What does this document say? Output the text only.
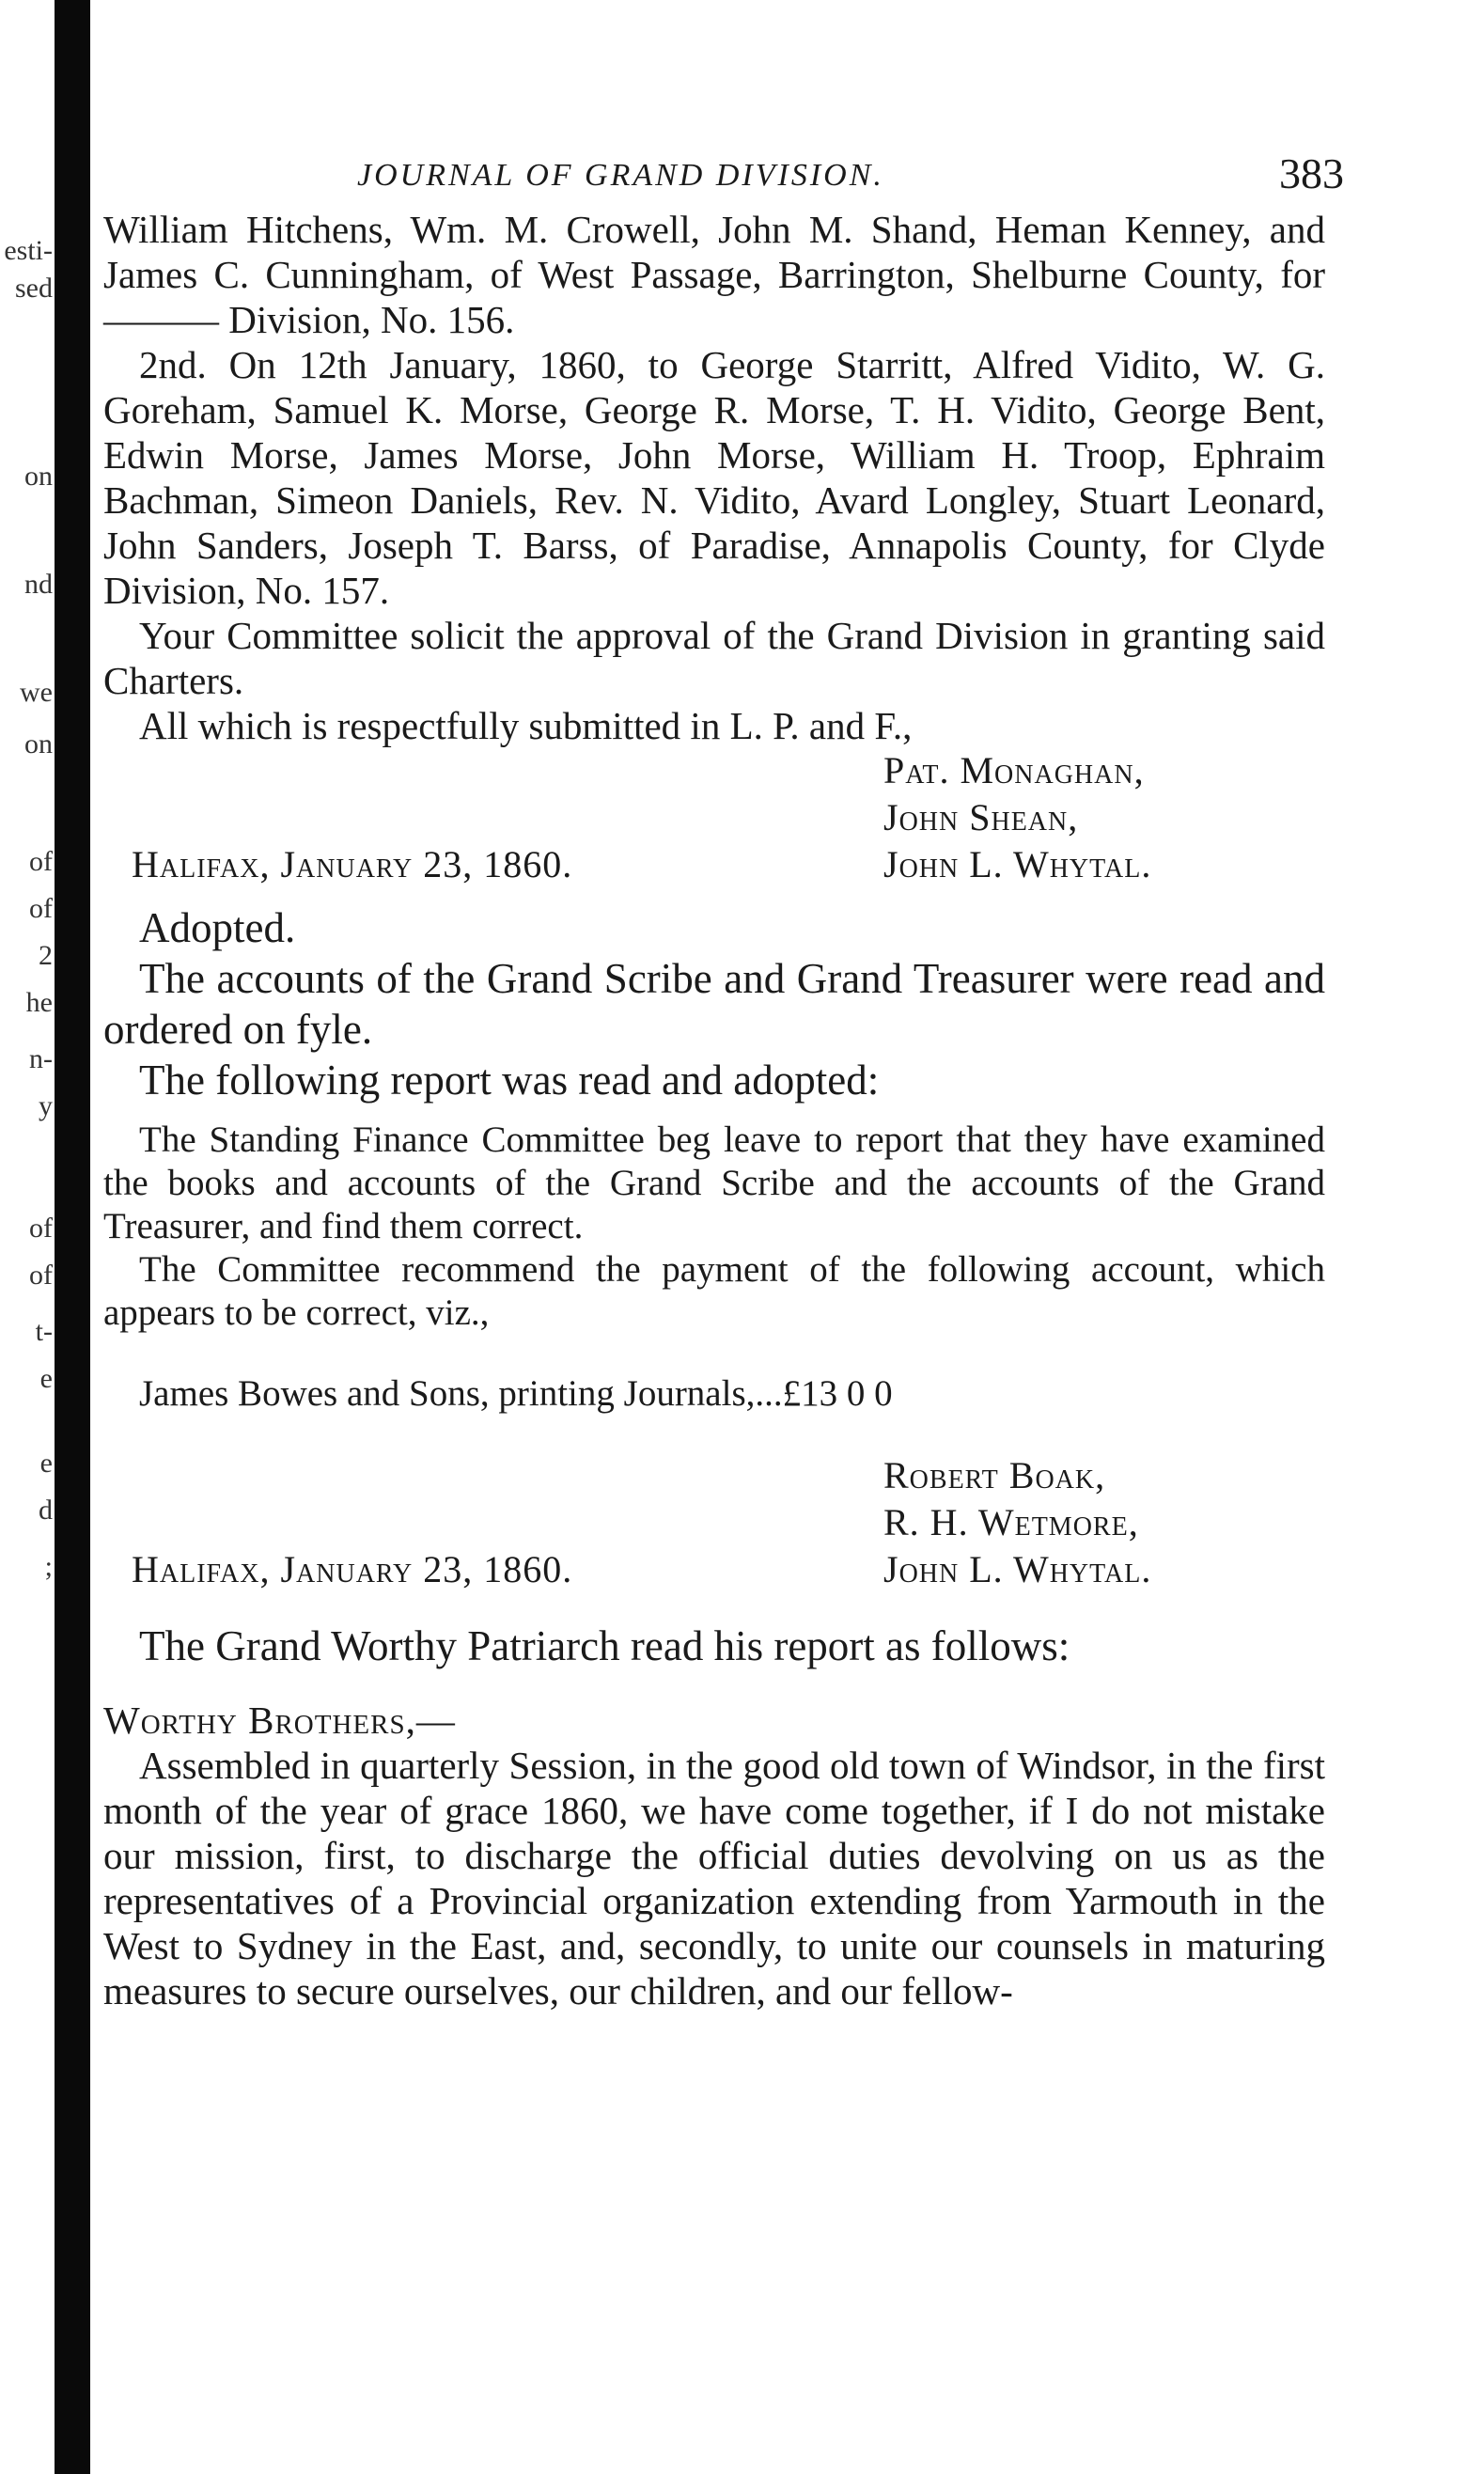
esti-
sed
on
nd
we
on
of
of
2
he
n-
y
of
of
t-
e
e
d
;
JOURNAL OF GRAND DIVISION.	383

William Hitchens, Wm. M. Crowell, John M. Shand, Heman Kenney, and James C. Cunningham, of West Passage, Barrington, Shelburne County, for ——— Division, No. 156.

2nd. On 12th January, 1860, to George Starritt, Alfred Vidito, W. G. Goreham, Samuel K. Morse, George R. Morse, T. H. Vidito, George Bent, Edwin Morse, James Morse, John Morse, William H. Troop, Ephraim Bachman, Simeon Daniels, Rev. N. Vidito, Avard Longley, Stuart Leonard, John Sanders, Joseph T. Barss, of Paradise, Annapolis County, for Clyde Division, No. 157.

Your Committee solicit the approval of the Grand Division in granting said Charters.

All which is respectfully submitted in L. P. and F.,

Pat. Monaghan,
John Shean,
John L. Whytal.
Halifax, January 23, 1860.

Adopted.

The accounts of the Grand Scribe and Grand Treasurer were read and ordered on fyle.

The following report was read and adopted:

The Standing Finance Committee beg leave to report that they have examined the books and accounts of the Grand Scribe and the accounts of the Grand Treasurer, and find them correct.

The Committee recommend the payment of the following account, which appears to be correct, viz.,

James Bowes and Sons, printing Journals,...£13 0 0

Robert Boak,
R. H. Wetmore,
John L. Whytal.
Halifax, January 23, 1860.

The Grand Worthy Patriarch read his report as follows:

Worthy Brothers,—

Assembled in quarterly Session, in the good old town of Windsor, in the first month of the year of grace 1860, we have come together, if I do not mistake our mission, first, to discharge the official duties devolving on us as the representatives of a Provincial organization extending from Yarmouth in the West to Sydney in the East, and, secondly, to unite our counsels in maturing measures to secure ourselves, our children, and our fellow-
